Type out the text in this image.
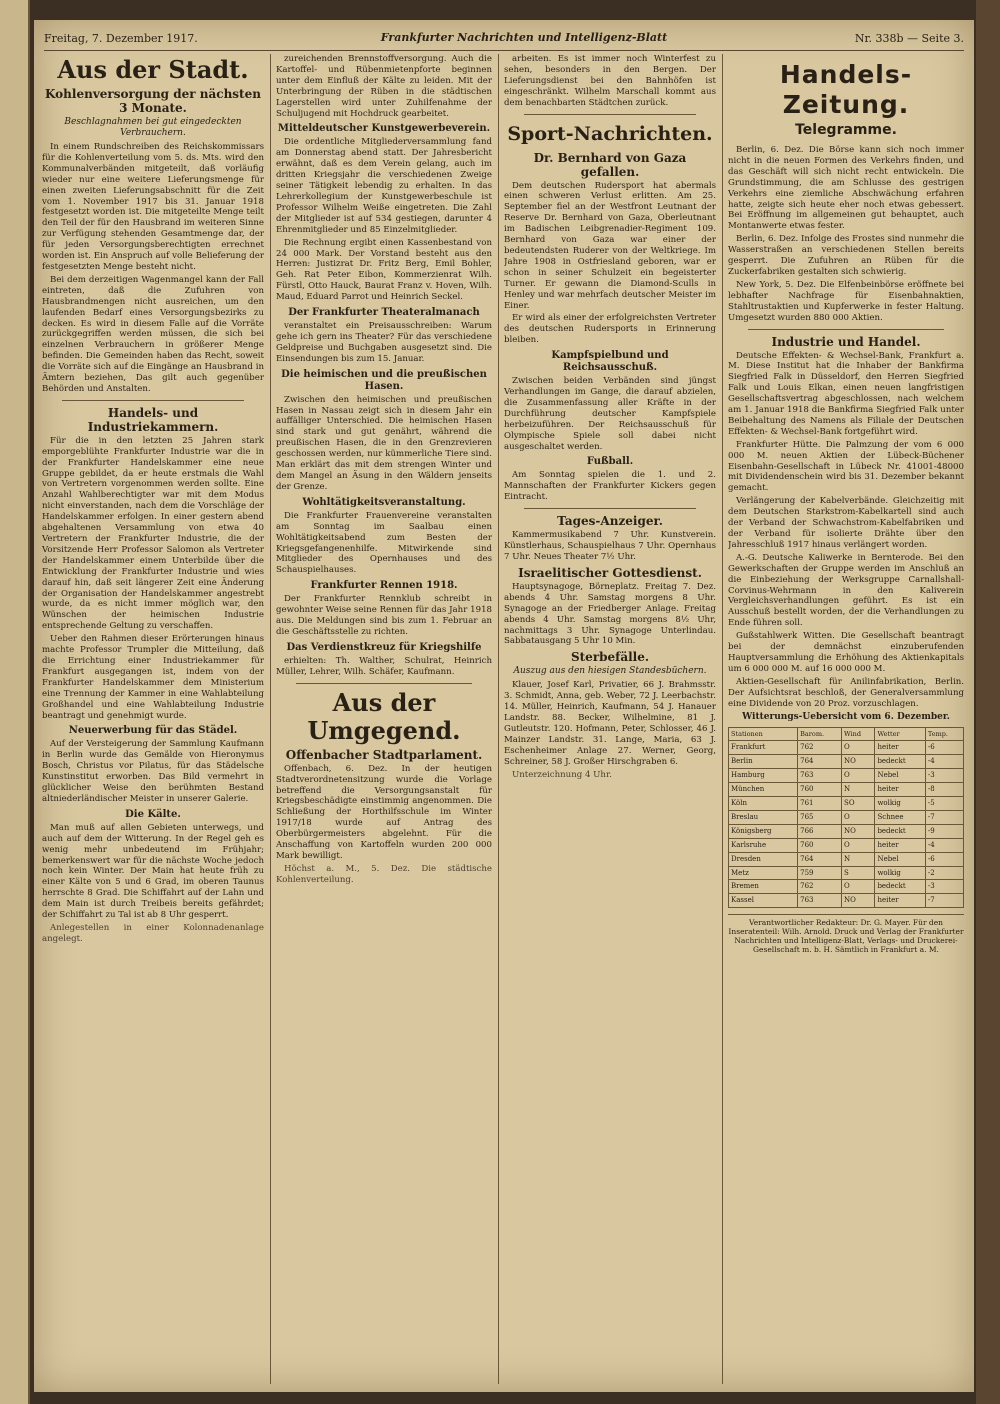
Freitag, 7. Dezember 1917.	Frankfurter Nachrichten und Intelligenz-Blatt	Nr. 338b — Seite 3.
Aus der Stadt.
Kohlenversorgung der nächsten 3 Monate.
Beschlagnahmen bei gut eingedeckten Verbrauchern.

In einem Rundschreiben des Reichskommissars für die Kohlenverteilung vom 5. ds. Mts. wird den Kommunalverbänden mitgeteilt, daß vorläufig wieder nur eine weitere Lieferungsmenge für einen zweiten Lieferungsabschnitt für die Zeit vom 1. November 1917 bis 31. Januar 1918 festgesetzt worden ist. Die mitgeteilte Menge teilt den Teil der für den Hausbrand im weiteren Sinne zur Verfügung stehenden Gesamtmenge dar, der für jeden Versorgungsberechtigten errechnet worden ist. Ein Anspruch auf volle Belieferung der festgesetzten Menge besteht nicht.

Bei dem derzeitigen Wagenmangel kann der Fall eintreten, daß die Zufuhren von Hausbrandmengen nicht ausreichen, um den laufenden Bedarf eines Versorgungsbezirks zu decken. Es wird in diesem Falle auf die Vorräte zurückgegriffen werden müssen, die sich bei einzelnen Verbrauchern in größerer Menge befinden. Die Gemeinden haben das Recht, soweit die Vorräte sich auf die Eingänge an Hausbrand in Ämtern beziehen, Das gilt auch gegenüber Behörden und Anstalten.

Handels- und Industriekammern.

Für die in den letzten 25 Jahren stark emporgeblühte Frankfurter Industrie war die in der Frankfurter Handelskammer eine neue Gruppe gebildet, da er heute erstmals die Wahl von Vertretern vorgenommen werden sollte. Eine Anzahl Wahlberechtigter war mit dem Modus nicht einverstanden, nach dem die Vorschläge der Handelskammer erfolgen. In einer gestern abend abgehaltenen Versammlung von etwa 40 Vertretern der Frankfurter Industrie, die der Vorsitzende Herr Professor Salomon als Vertreter der Handelskammer einem Unterbilde über die Entwicklung der Frankfurter Industrie und wies darauf hin, daß seit längerer Zeit eine Änderung der Organisation der Handelskammer angestrebt wurde, da es nicht immer möglich war, den Wünschen der heimischen Industrie entsprechende Geltung zu verschaffen.

Ueber den Rahmen dieser Erörterungen hinaus machte Professor Trumpler die Mitteilung, daß die Errichtung einer Industriekammer für Frankfurt ausgegangen ist, indem von der Frankfurter Handelskammer dem Ministerium eine Trennung der Kammer in eine Wahlabteilung Großhandel und eine Wahlabteilung Industrie beantragt und genehmigt wurde.

Neuerwerbung für das Städel.

Auf der Versteigerung der Sammlung Kaufmann in Berlin wurde das Gemälde von Hieronymus Bosch, Christus vor Pilatus, für das Städelsche Kunstinstitut erworben. Das Bild vermehrt in glücklicher Weise den berühmten Bestand altniederländischer Meister in unserer Galerie.

Die Kälte.

Man muß auf allen Gebieten unterwegs, und auch auf dem der Witterung. In der Regel geh es wenig mehr unbedeutend im Frühjahr; bemerkenswert war für die nächste Woche jedoch noch kein Winter. Der Main hat heute früh zu einer Kälte von 5 und 6 Grad, im oberen Taunus herrschte 8 Grad. Die Schiffahrt auf der Lahn und dem Main ist durch Treibeis bereits gefährdet; der Schiffahrt zu Tal ist ab 8 Uhr gesperrt.

Anlegestellen in einer Kolonnadenanlage angelegt.

zureichenden Brennstoffversorgung. Auch die Kartoffel- und Rübenmietenpforte beginnen unter dem Einfluß der Kälte zu leiden. Mit der Unterbringung der Rüben in die städtischen Lagerstellen wird unter Zuhilfenahme der Schuljugend mit Hochdruck gearbeitet.

Mitteldeutscher Kunstgewerbeverein.

Die ordentliche Mitgliederversammlung fand am Donnerstag abend statt. Der Jahresbericht erwähnt, daß es dem Verein gelang, auch im dritten Kriegsjahr die verschiedenen Zweige seiner Tätigkeit lebendig zu erhalten. In das Lehrerkollegium der Kunstgewerbeschule ist Professor Wilhelm Weiße eingetreten. Die Zahl der Mitglieder ist auf 534 gestiegen, darunter 4 Ehrenmitglieder und 85 Einzelmitglieder.

Die Rechnung ergibt einen Kassenbestand von 24 000 Mark. Der Vorstand besteht aus den Herren: Justizrat Dr. Fritz Berg, Emil Bohler, Geh. Rat Peter Eibon, Kommerzienrat Wilh. Fürstl, Otto Hauck, Baurat Franz v. Hoven, Wilh. Maud, Eduard Parrot und Heinrich Seckel.

Der Frankfurter Theateralmanach

veranstaltet ein Preisausschreiben: Warum gehe ich gern ins Theater? Für das verschiedene Geldpreise und Buchgaben ausgesetzt sind. Die Einsendungen bis zum 15. Januar.

Die heimischen und die preußischen Hasen.

Zwischen den heimischen und preußischen Hasen in Nassau zeigt sich in diesem Jahr ein auffälliger Unterschied. Die heimischen Hasen sind stark und gut genährt, während die preußischen Hasen, die in den Grenzrevieren geschossen werden, nur kümmerliche Tiere sind. Man erklärt das mit dem strengen Winter und dem Mangel an Äsung in den Wäldern jenseits der Grenze.

Wohltätigkeitsveranstaltung.

Die Frankfurter Frauenvereine veranstalten am Sonntag im Saalbau einen Wohltätigkeitsabend zum Besten der Kriegsgefangenenhilfe. Mitwirkende sind Mitglieder des Opernhauses und des Schauspielhauses.

Frankfurter Rennen 1918.

Der Frankfurter Rennklub schreibt in gewohnter Weise seine Rennen für das Jahr 1918 aus. Die Meldungen sind bis zum 1. Februar an die Geschäftsstelle zu richten.

Das Verdienstkreuz für Kriegshilfe

erhielten: Th. Walther, Schulrat, Heinrich Müller, Lehrer, Wilh. Schäfer, Kaufmann.

Aus der Umgegend.
Offenbacher Stadtparlament.

Offenbach, 6. Dez. In der heutigen Stadtverordnetensitzung wurde die Vorlage betreffend die Versorgungsanstalt für Kriegsbeschädigte einstimmig angenommen. Die Schließung der Horthilfsschule im Winter 1917/18 wurde auf Antrag des Oberbürgermeisters abgelehnt. Für die Anschaffung von Kartoffeln wurden 200 000 Mark bewilligt.

Höchst a. M., 5. Dez. Die städtische Kohlenverteilung.

arbeiten. Es ist immer noch Winterfest zu sehen, besonders in den Bergen. Der Lieferungsdienst bei den Bahnhöfen ist eingeschränkt. Wilhelm Marschall kommt aus dem benachbarten Städtchen zurück.

Sport-Nachrichten.
Dr. Bernhard von Gaza gefallen.

Dem deutschen Rudersport hat abermals einen schweren Verlust erlitten. Am 25. September fiel an der Westfront Leutnant der Reserve Dr. Bernhard von Gaza, Oberleutnant im Badischen Leibgrenadier-Regiment 109. Bernhard von Gaza war einer der bedeutendsten Ruderer von der Weltkriege. Im Jahre 1908 in Ostfriesland geboren, war er schon in seiner Schulzeit ein begeisterter Turner. Er gewann die Diamond-Sculls in Henley und war mehrfach deutscher Meister im Einer.

Er wird als einer der erfolgreichsten Vertreter des deutschen Rudersports in Erinnerung bleiben.

Kampfspielbund und Reichsausschuß.

Zwischen beiden Verbänden sind jüngst Verhandlungen im Gange, die darauf abzielen, die Zusammenfassung aller Kräfte in der Durchführung deutscher Kampfspiele herbeizuführen. Der Reichsausschuß für Olympische Spiele soll dabei nicht ausgeschaltet werden.

Fußball.

Am Sonntag spielen die 1. und 2. Mannschaften der Frankfurter Kickers gegen Eintracht.

Tages-Anzeiger.

Kammermusikabend 7 Uhr. Kunstverein. Künstlerhaus, Schauspielhaus 7 Uhr. Opernhaus 7 Uhr. Neues Theater 7½ Uhr.

Israelitischer Gottesdienst.

Hauptsynagoge, Börneplatz. Freitag 7. Dez. abends 4 Uhr. Samstag morgens 8 Uhr. Synagoge an der Friedberger Anlage. Freitag abends 4 Uhr. Samstag morgens 8½ Uhr, nachmittags 3 Uhr. Synagoge Unterlindau. Sabbatausgang 5 Uhr 10 Min.

Sterbefälle.
Auszug aus den hiesigen Standesbüchern.

Klauer, Josef Karl, Privatier, 66 J. Brahmsstr. 3. Schmidt, Anna, geb. Weber, 72 J. Leerbachstr. 14. Müller, Heinrich, Kaufmann, 54 J. Hanauer Landstr. 88. Becker, Wilhelmine, 81 J. Gutleutstr. 120. Hofmann, Peter, Schlosser, 46 J. Mainzer Landstr. 31. Lange, Maria, 63 J. Eschenheimer Anlage 27. Werner, Georg, Schreiner, 58 J. Großer Hirschgraben 6.

Unterzeichnung 4 Uhr.

Handels-Zeitung.
Telegramme.

Berlin, 6. Dez. Die Börse kann sich noch immer nicht in die neuen Formen des Verkehrs finden, und das Geschäft will sich nicht recht entwickeln. Die Grundstimmung, die am Schlusse des gestrigen Verkehrs eine ziemliche Abschwächung erfahren hatte, zeigte sich heute eher noch etwas gebessert. Bei Eröffnung im allgemeinen gut behauptet, auch Montanwerte etwas fester.

Berlin, 6. Dez. Infolge des Frostes sind nunmehr die Wasserstraßen an verschiedenen Stellen bereits gesperrt. Die Zufuhren an Rüben für die Zuckerfabriken gestalten sich schwierig.

New York, 5. Dez. Die Elfenbeinbörse eröffnete bei lebhafter Nachfrage für Eisenbahnaktien, Stahltrustaktien und Kupferwerke in fester Haltung. Umgesetzt wurden 880 000 Aktien.

Industrie und Handel.

Deutsche Effekten- & Wechsel-Bank, Frankfurt a. M. Diese Institut hat die Inhaber der Bankfirma Siegfried Falk in Düsseldorf, den Herren Siegfried Falk und Louis Elkan, einen neuen langfristigen Gesellschaftsvertrag abgeschlossen, nach welchem am 1. Januar 1918 die Bankfirma Siegfried Falk unter Beibehaltung des Namens als Filiale der Deutschen Effekten- & Wechsel-Bank fortgeführt wird.

Frankfurter Hütte. Die Palmzung der vom 6 000 000 M. neuen Aktien der Lübeck-Büchener Eisenbahn-Gesellschaft in Lübeck Nr. 41001-48000 mit Dividendenschein wird bis 31. Dezember bekannt gemacht.

Verlängerung der Kabelverbände. Gleichzeitig mit dem Deutschen Starkstrom-Kabelkartell sind auch der Verband der Schwachstrom-Kabelfabriken und der Verband für isolierte Drähte über den Jahresschluß 1917 hinaus verlängert worden.

A.-G. Deutsche Kaliwerke in Bernterode. Bei den Gewerkschaften der Gruppe werden im Anschluß an die Einbeziehung der Werksgruppe Carnallshall-Corvinus-Wehrmann in den Kaliverein Vergleichsverhandlungen geführt. Es ist ein Ausschuß bestellt worden, der die Verhandlungen zu Ende führen soll.

Gußstahlwerk Witten. Die Gesellschaft beantragt bei der demnächst einzuberufenden Hauptversammlung die Erhöhung des Aktienkapitals um 6 000 000 M. auf 16 000 000 M.

Aktien-Gesellschaft für Anilinfabrikation, Berlin. Der Aufsichtsrat beschloß, der Generalversammlung eine Dividende von 20 Proz. vorzuschlagen.

Witterungs-Uebersicht vom 6. Dezember.
Stationen	Barom.	Wind	Wetter	Temp.
Frankfurt	762	O	heiter	-6
Berlin	764	NO	bedeckt	-4
Hamburg	763	O	Nebel	-3
München	760	N	heiter	-8
Köln	761	SO	wolkig	-5
Breslau	765	O	Schnee	-7
Königsberg	766	NO	bedeckt	-9
Karlsruhe	760	O	heiter	-4
Dresden	764	N	Nebel	-6
Metz	759	S	wolkig	-2
Bremen	762	O	bedeckt	-3
Kassel	763	NO	heiter	-7
Verantwortlicher Redakteur: Dr. G. Mayer. Für den Inseratenteil: Wilh. Arnold. Druck und Verlag der Frankfurter Nachrichten und Intelligenz-Blatt, Verlags- und Druckerei-Gesellschaft m. b. H. Sämtlich in Frankfurt a. M.
